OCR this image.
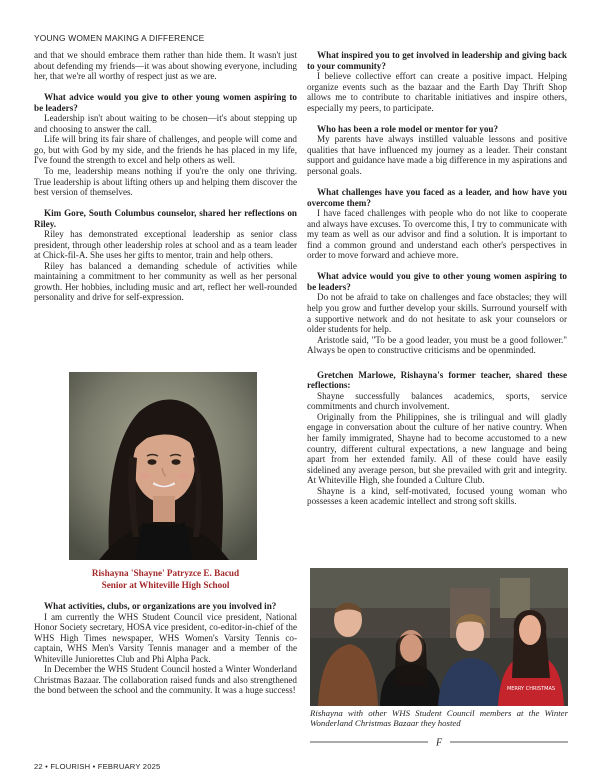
YOUNG WOMEN MAKING A DIFFERENCE

and that we should embrace them rather than hide them. It wasn't just about defending my friends—it was about showing everyone, including her, that we're all worthy of respect just as we are.

What advice would you give to other young women aspiring to be leaders?

Leadership isn't about waiting to be chosen—it's about stepping up and choosing to answer the call.

Life will bring its fair share of challenges, and people will come and go, but with God by my side, and the friends he has placed in my life, I've found the strength to excel and help others as well.

To me, leadership means nothing if you're the only one thriving. True leadership is about lifting others up and helping them discover the best version of themselves.

Kim Gore, South Columbus counselor, shared her reflections on Riley.

Riley has demonstrated exceptional leadership as senior class president, through other leadership roles at school and as a team leader at Chick-fil-A. She uses her gifts to mentor, train and help others.

Riley has balanced a demanding schedule of activities while maintaining a commitment to her community as well as her personal growth. Her hobbies, including music and art, reflect her well-rounded personality and drive for self-expression.

Rishayna 'Shayne' Patryzce E. Bacud
Senior at Whiteville High School
What activities, clubs, or organizations are you involved in?

I am currently the WHS Student Council vice president, National Honor Society secretary, HOSA vice president, co-editor-in-chief of the WHS High Times newspaper, WHS Women's Varsity Tennis co-captain, WHS Men's Varsity Tennis manager and a member of the Whiteville Juniorettes Club and Phi Alpha Pack.

In December the WHS Student Council hosted a Winter Wonderland Christmas Bazaar. The collaboration raised funds and also strengthened the bond between the school and the community. It was a huge success!

What inspired you to get involved in leadership and giving back to your community?

I believe collective effort can create a positive impact. Helping organize events such as the bazaar and the Earth Day Thrift Shop allows me to contribute to charitable initiatives and inspire others, especially my peers, to participate.

Who has been a role model or mentor for you?

My parents have always instilled valuable lessons and positive qualities that have influenced my journey as a leader. Their constant support and guidance have made a big difference in my aspirations and personal goals.

What challenges have you faced as a leader, and how have you overcome them?

I have faced challenges with people who do not like to cooperate and always have excuses. To overcome this, I try to communicate with my team as well as our advisor and find a solution. It is important to find a common ground and understand each other's perspectives in order to move forward and achieve more.

What advice would you give to other young women aspiring to be leaders?

Do not be afraid to take on challenges and face obstacles; they will help you grow and further develop your skills. Surround yourself with a supportive network and do not hesitate to ask your counselors or older students for help.

Aristotle said, "To be a good leader, you must be a good follower." Always be open to constructive criticisms and be openminded.

Gretchen Marlowe, Rishayna's former teacher, shared these reflections:

Shayne successfully balances academics, sports, service commitments and church involvement.

Originally from the Philippines, she is trilingual and will gladly engage in conversation about the culture of her native country. When her family immigrated, Shayne had to become accustomed to a new country, different cultural expectations, a new language and being apart from her extended family. All of these could have easily sidelined any average person, but she prevailed with grit and integrity. At Whiteville High, she founded a Culture Club.

Shayne is a kind, self-motivated, focused young woman who possesses a keen academic intellect and strong soft skills.

MERRY CHRISTMAS
Rishayna with other WHS Student Council members at the Winter Wonderland Christmas Bazaar they hosted
F
22 • FLOURISH • FEBRUARY 2025
